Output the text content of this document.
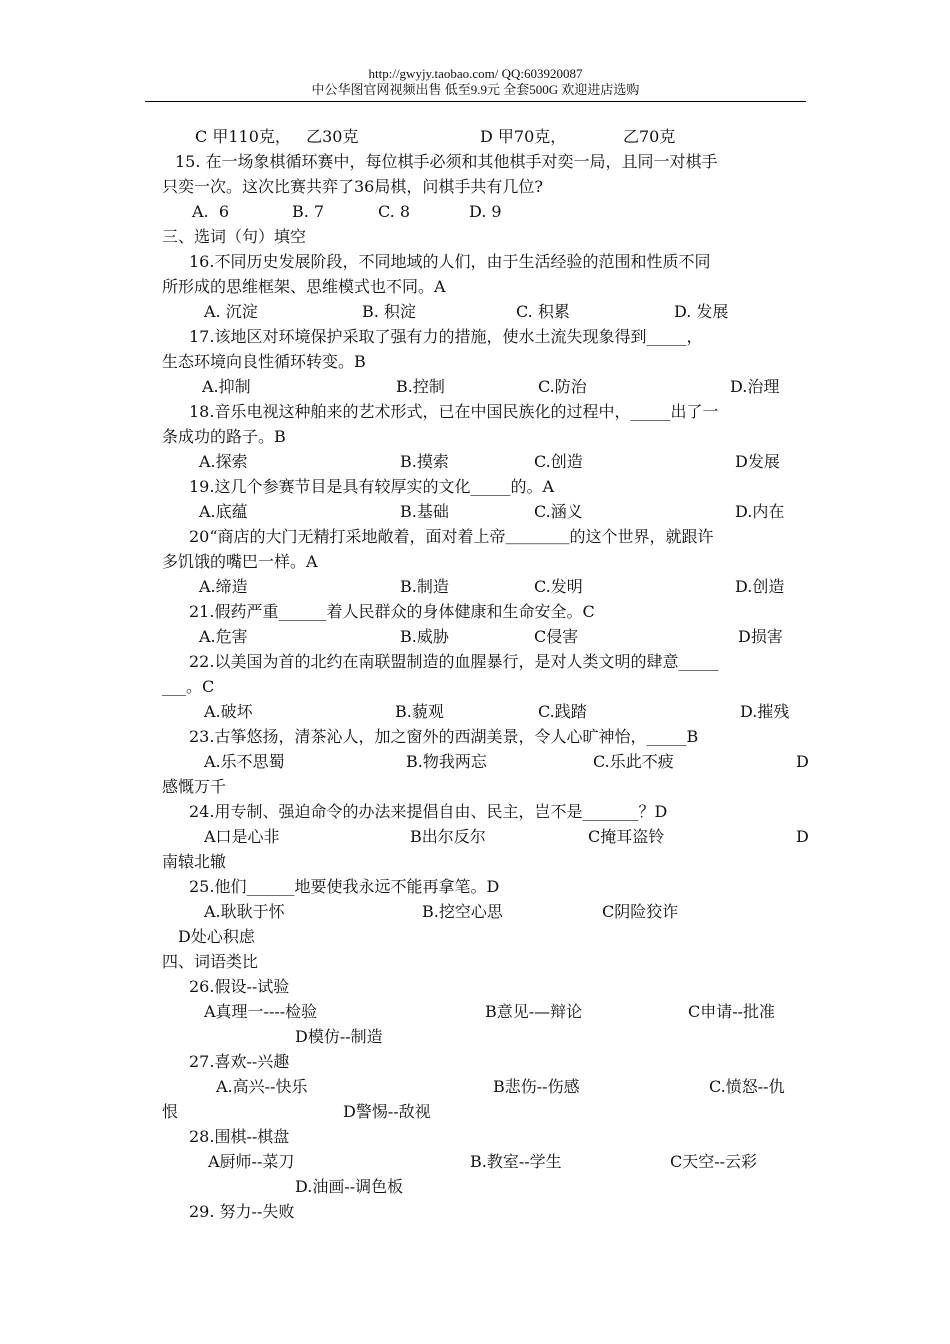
http://gwyjy.taobao.com/ QQ:603920087
中公华图官网视频出售 低至9.9元 全套500G 欢迎进店选购
C 甲110克，   乙30克	D 甲70克，	乙70克
15. 在一场象棋循环赛中，每位棋手必须和其他棋手对奕一局，且同一对棋手
只奕一次。这次比赛共弈了36局棋，问棋手共有几位?
A.  6	B. 7	C. 8	D. 9
三、选词（句）填空
16.不同历史发展阶段，不同地域的人们，由于生活经验的范围和性质不同
所形成的思维框架、思维模式也不同。A
A. 沉淀	B. 积淀	C. 积累	D. 发展
17.该地区对环境保护采取了强有力的措施，使水土流失现象得到_____，
生态环境向良性循环转变。B
A.抑制	B.控制	C.防治	D.治理
18.音乐电视这种舶来的艺术形式，已在中国民族化的过程中，_____出了一
条成功的路子。B
A.探索	B.摸索	C.创造	D发展
19.这几个参赛节目是具有较厚实的文化_____的。A
A.底蕴	B.基础	C.涵义	D.内在
20“商店的大门无精打采地敞着，面对着上帝＿＿＿＿的这个世界，就跟许
多饥饿的嘴巴一样。A
A.缔造	B.制造	C.发明	D.创造
21.假药严重______着人民群众的身体健康和生命安全。C
A.危害	B.威胁	C侵害	D损害
22.以美国为首的北约在南联盟制造的血腥暴行，是对人类文明的肆意_____
___。C
A.破坏	B.藐观	C.践踏	D.摧残
23.古筝悠扬，清茶沁人，加之窗外的西湖美景，令人心旷神怡，_____B
A.乐不思蜀	B.物我两忘	C.乐此不疲	D
感慨万千
24.用专制、强迫命令的办法来提倡自由、民主，岂不是_______？D
A口是心非	B出尔反尔	C掩耳盗铃	D
南辕北辙
25.他们______地要使我永远不能再拿笔。D
A.耿耿于怀	B.挖空心思	C阴险狡诈
D处心积虑
四、词语类比
26.假设--试验
A真理一----检验	B意见-—辩论	C申请--批准
D模仿--制造
27.喜欢--兴趣
A.高兴--快乐	B悲伤--伤感	C.愤怒--仇
恨	D警惕--敌视
28.围棋--棋盘
A厨师--菜刀	B.教室--学生	C天空--云彩
D.油画--调色板
29. 努力--失败
